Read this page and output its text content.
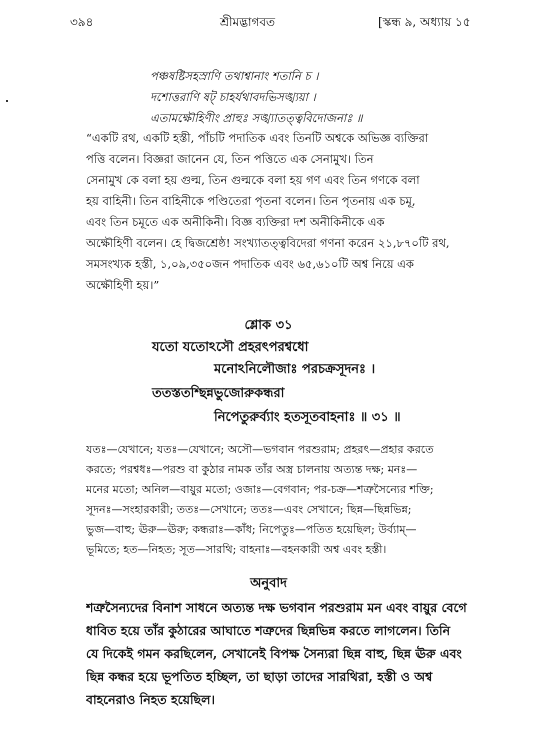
৩৯৪	শ্রীমদ্ভাগবত	[স্কন্ধ ৯, অধ্যায় ১৫
পঞ্চষষ্টিসহস্রাণি তথাশ্বানাং শতানি চ ।
দশোত্তরাণি ষট্‌ চাহর্যথাবদভিসঙ্খ্যয়া ।
এতামক্ষৌহিণীং প্রাহুঃ সঙ্খ্যাতত্ত্ববিদোজনাঃ ॥
“একটি রথ, একটি হস্তী, পাঁচটি পদাতিক এবং তিনটি অশ্বকে অভিজ্ঞ ব্যক্তিরা
পত্তি বলেন। বিজ্ঞরা জানেন যে, তিন পত্তিতে এক সেনামুখ। তিন
সেনামুখ কে বলা হয় গুল্ম, তিন গুল্মকে বলা হয় গণ এবং তিন গণকে বলা
হয় বাহিনী। তিন বাহিনীকে পণ্ডিতেরা পৃতনা বলেন। তিন পৃতনায় এক চমূ,
এবং তিন চমূতে এক অনীকিনী। বিজ্ঞ ব্যক্তিরা দশ অনীকিনীকে এক
অক্ষৌহিণী বলেন। হে দ্বিজশ্রেষ্ঠ! সংখ্যাতত্ত্ববিদেরা গণনা করেন ২১,৮৭০টি রথ,
সমসংখ্যক হস্তী, ১,০৯,৩৫০জন পদাতিক এবং ৬৫,৬১০টি অশ্ব নিয়ে এক
অক্ষৌহিণী হয়।”
শ্লোক ৩১
যতো যতোঽসৌ প্রহরৎপরশ্বধো
মনোঽনিলৌজাঃ পরচক্রসূদনঃ ।
ততস্ততশ্ছিন্নভুজোরুকন্ধরা
নিপেতুরুর্ব্যাং হতসূতবাহনাঃ ॥ ৩১ ॥
যতঃ—যেখানে; যতঃ—যেখানে; অসৌ—ভগবান পরশুরাম; প্রহরৎ—প্রহার করতে
করতে; পরশ্বধঃ—পরশু বা কুঠার নামক তাঁর অস্ত্র চালনায় অত্যন্ত দক্ষ; মনঃ—
মনের মতো; অনিল—বায়ুর মতো; ওজাঃ—বেগবান; পর-চক্র—শত্রুসৈন্যের শক্তি;
সূদনঃ—সংহারকারী; ততঃ—সেখানে; ততঃ—এবং সেখানে; ছিন্ন—ছিন্নভিন্ন;
ভুজ—বাহু; ঊরু—ঊরু; কন্ধরাঃ—কাঁধ; নিপেতুঃ—পতিত হয়েছিল; উর্ব্যাম্—
ভূমিতে; হত—নিহত; সূত—সারথি; বাহনাঃ—বহনকারী অশ্ব এবং হস্তী।
অনুবাদ
শত্রুসৈন্যদের বিনাশ সাধনে অত্যন্ত দক্ষ ভগবান পরশুরাম মন এবং বায়ুর বেগে
ধাবিত হয়ে তাঁর কুঠারের আঘাতে শত্রুদের ছিন্নভিন্ন করতে লাগলেন। তিনি
যে দিকেই গমন করছিলেন, সেখানেই বিপক্ষ সৈন্যরা ছিন্ন বাহু, ছিন্ন ঊরু এবং
ছিন্ন কন্ধর হয়ে ভূপতিত হচ্ছিল, তা ছাড়া তাদের সারথিরা, হস্তী ও অশ্ব
বাহনেরাও নিহত হয়েছিল।
